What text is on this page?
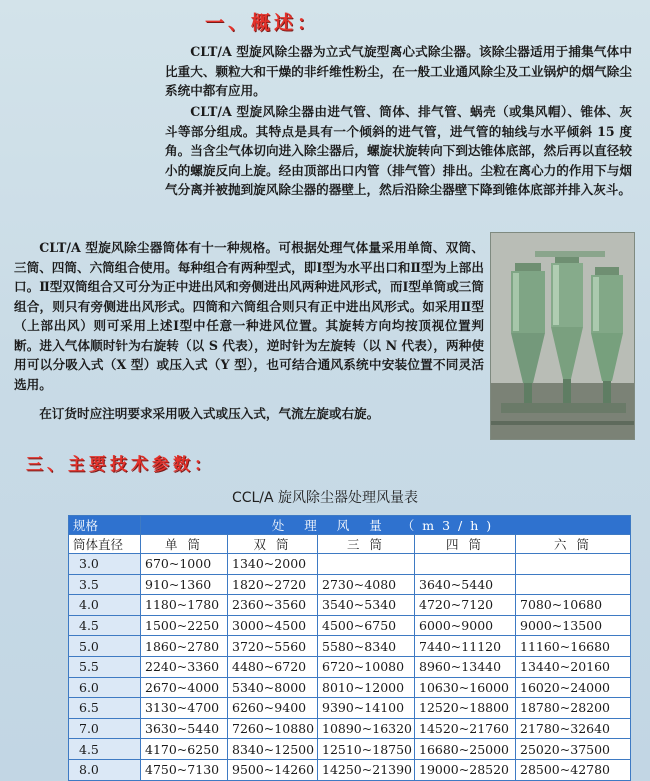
一、概述：

CLT/A 型旋风除尘器为立式气旋型离心式除尘器。该除尘器适用于捕集气体中比重大、颗粒大和干燥的非纤维性粉尘，在一般工业通风除尘及工业锅炉的烟气除尘系统中都有应用。

CLT/A 型旋风除尘器由进气管、筒体、排气管、蜗壳（或集风帽）、锥体、灰斗等部分组成。其特点是具有一个倾斜的进气管，进气管的轴线与水平倾斜 15 度角。当含尘气体切向进入除尘器后，螺旋状旋转向下到达锥体底部，然后再以直径较小的螺旋反向上旋。经由顶部出口内管（排气管）排出。尘粒在离心力的作用下与烟气分离并被抛到旋风除尘器的器壁上，然后沿除尘器壁下降到锥体底部并排入灰斗。

CLT/A 型旋风除尘器筒体有十一种规格。可根据处理气体量采用单筒、双筒、三筒、四筒、六筒组合使用。每种组合有两种型式，即Ⅰ型为水平出口和Ⅱ型为上部出口。Ⅱ型双筒组合又可分为正中进出风和旁侧进出风两种进风形式，而Ⅰ型单筒或三筒组合，则只有旁侧进出风形式。四筒和六筒组合则只有正中进出风形式。如采用Ⅱ型（上部出风）则可采用上述Ⅰ型中任意一种进风位置。其旋转方向均按顶视位置判断。进入气体顺时针为右旋转（以 S 代表），逆时针为左旋转（以 N 代表），两种使用可以分吸入式（X 型）或压入式（Y 型），也可结合通风系统中安装位置不同灵活选用。

在订货时应注明要求采用吸入式或压入式，气流左旋或右旋。

三、主要技术参数：
CCL/A 旋风除尘器处理风量表
规格	处 理 风 量 （m3/h)				
筒体直径	单 筒	双 筒	三 筒	四 筒	六 筒
3.0	670~1000	1340~2000			
3.5	910~1360	1820~2720	2730~4080	3640~5440	
4.0	1180~1780	2360~3560	3540~5340	4720~7120	7080~10680
4.5	1500~2250	3000~4500	4500~6750	6000~9000	9000~13500
5.0	1860~2780	3720~5560	5580~8340	7440~11120	11160~16680
5.5	2240~3360	4480~6720	6720~10080	8960~13440	13440~20160
6.0	2670~4000	5340~8000	8010~12000	10630~16000	16020~24000
6.5	3130~4700	6260~9400	9390~14100	12520~18800	18780~28200
7.0	3630~5440	7260~10880	10890~16320	14520~21760	21780~32640
4.5	4170~6250	8340~12500	12510~18750	16680~25000	25020~37500
8.0	4750~7130	9500~14260	14250~21390	19000~28520	28500~42780
